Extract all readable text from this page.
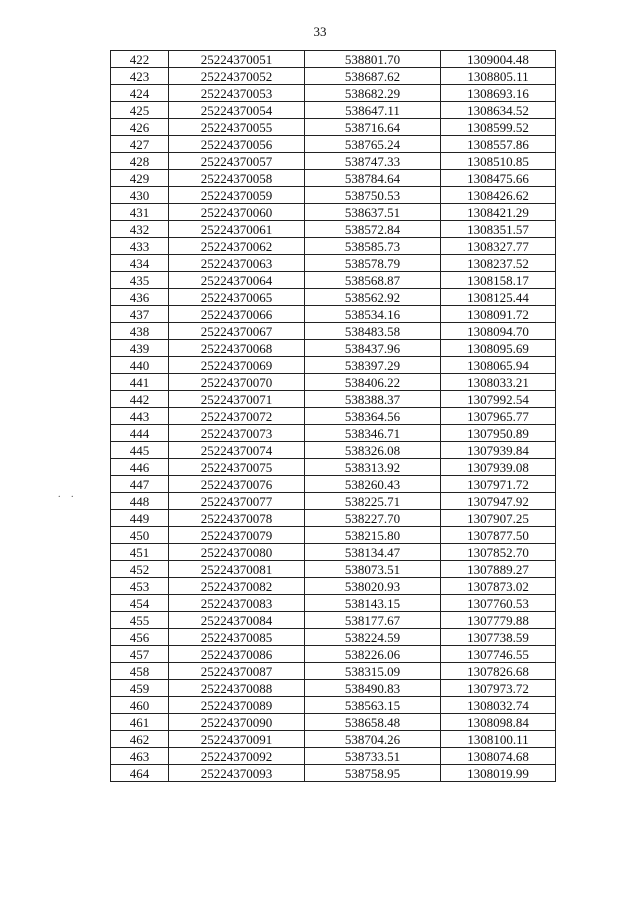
33
. .
422	25224370051	538801.70	1309004.48
423	25224370052	538687.62	1308805.11
424	25224370053	538682.29	1308693.16
425	25224370054	538647.11	1308634.52
426	25224370055	538716.64	1308599.52
427	25224370056	538765.24	1308557.86
428	25224370057	538747.33	1308510.85
429	25224370058	538784.64	1308475.66
430	25224370059	538750.53	1308426.62
431	25224370060	538637.51	1308421.29
432	25224370061	538572.84	1308351.57
433	25224370062	538585.73	1308327.77
434	25224370063	538578.79	1308237.52
435	25224370064	538568.87	1308158.17
436	25224370065	538562.92	1308125.44
437	25224370066	538534.16	1308091.72
438	25224370067	538483.58	1308094.70
439	25224370068	538437.96	1308095.69
440	25224370069	538397.29	1308065.94
441	25224370070	538406.22	1308033.21
442	25224370071	538388.37	1307992.54
443	25224370072	538364.56	1307965.77
444	25224370073	538346.71	1307950.89
445	25224370074	538326.08	1307939.84
446	25224370075	538313.92	1307939.08
447	25224370076	538260.43	1307971.72
448	25224370077	538225.71	1307947.92
449	25224370078	538227.70	1307907.25
450	25224370079	538215.80	1307877.50
451	25224370080	538134.47	1307852.70
452	25224370081	538073.51	1307889.27
453	25224370082	538020.93	1307873.02
454	25224370083	538143.15	1307760.53
455	25224370084	538177.67	1307779.88
456	25224370085	538224.59	1307738.59
457	25224370086	538226.06	1307746.55
458	25224370087	538315.09	1307826.68
459	25224370088	538490.83	1307973.72
460	25224370089	538563.15	1308032.74
461	25224370090	538658.48	1308098.84
462	25224370091	538704.26	1308100.11
463	25224370092	538733.51	1308074.68
464	25224370093	538758.95	1308019.99
